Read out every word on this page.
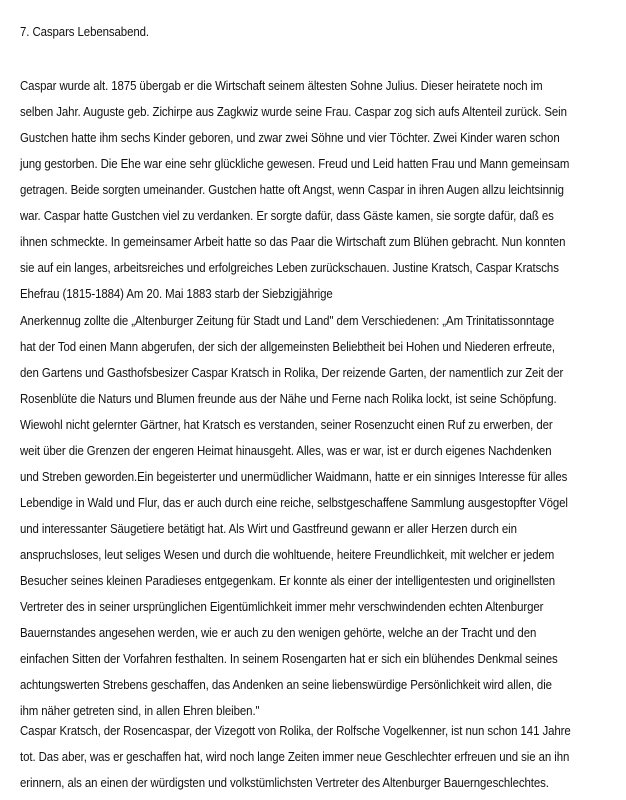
7. Caspars Lebensabend.
Caspar wurde alt. 1875 übergab er die Wirtschaft seinem ältesten Sohne Julius. Dieser heiratete noch im
selben Jahr. Auguste geb. Zichirpe aus Zagkwiz wurde seine Frau. Caspar zog sich aufs Altenteil zurück. Sein
Gustchen hatte ihm sechs Kinder geboren, und zwar zwei Söhne und vier Töchter. Zwei Kinder waren schon
jung gestorben. Die Ehe war eine sehr glückliche gewesen. Freud und Leid hatten Frau und Mann gemeinsam
getragen. Beide sorgten umeinander. Gustchen hatte oft Angst, wenn Caspar in ihren Augen allzu leichtsinnig
war. Caspar hatte Gustchen viel zu verdanken. Er sorgte dafür, dass Gäste kamen, sie sorgte dafür, daß es
ihnen schmeckte. In gemeinsamer Arbeit hatte so das Paar die Wirtschaft zum Blühen gebracht. Nun konnten
sie auf ein langes, arbeitsreiches und erfolgreiches Leben zurückschauen. Justine Kratsch, Caspar Kratschs
Ehefrau (1815-1884) Am 20. Mai 1883 starb der Siebzigjährige
Anerkennug zollte die „Altenburger Zeitung für Stadt und Land" dem Verschiedenen: „Am Trinitatissonntage
hat der Tod einen Mann abgerufen, der sich der allgemeinsten Beliebtheit bei Hohen und Niederen erfreute,
den Gartens und Gasthofsbesizer Caspar Kratsch in Rolika, Der reizende Garten, der namentlich zur Zeit der
Rosenblüte die Naturs und Blumen freunde aus der Nähe und Ferne nach Rolika lockt, ist seine Schöpfung.
Wiewohl nicht gelernter Gärtner, hat Kratsch es verstanden, seiner Rosenzucht einen Ruf zu erwerben, der
weit über die Grenzen der engeren Heimat hinausgeht. Alles, was er war, ist er durch eigenes Nachdenken
und Streben geworden.Ein begeisterter und unermüdlicher Waidmann, hatte er ein sinniges Interesse für alles
Lebendige in Wald und Flur, das er auch durch eine reiche, selbstgeschaffene Sammlung ausgestopfter Vögel
und interessanter Säugetiere betätigt hat. Als Wirt und Gastfreund gewann er aller Herzen durch ein
anspruchsloses, leut seliges Wesen und durch die wohltuende, heitere Freundlichkeit, mit welcher er jedem
Besucher seines kleinen Paradieses entgegenkam. Er konnte als einer der intelligentesten und originellsten
Vertreter des in seiner ursprünglichen Eigentümlichkeit immer mehr verschwindenden echten Altenburger
Bauernstandes angesehen werden, wie er auch zu den wenigen gehörte, welche an der Tracht und den
einfachen Sitten der Vorfahren festhalten. In seinem Rosengarten hat er sich ein blühendes Denkmal seines
achtungswerten Strebens geschaffen, das Andenken an seine liebenswürdige Persönlichkeit wird allen, die
ihm näher getreten sind, in allen Ehren bleiben."
Caspar Kratsch, der Rosencaspar, der Vizegott von Rolika, der Rolfsche Vogelkenner, ist nun schon 141 Jahre
tot. Das aber, was er geschaffen hat, wird noch lange Zeiten immer neue Geschlechter erfreuen und sie an ihn
erinnern, als an einen der würdigsten und volkstümlichsten Vertreter des Altenburger Bauerngeschlechtes.
